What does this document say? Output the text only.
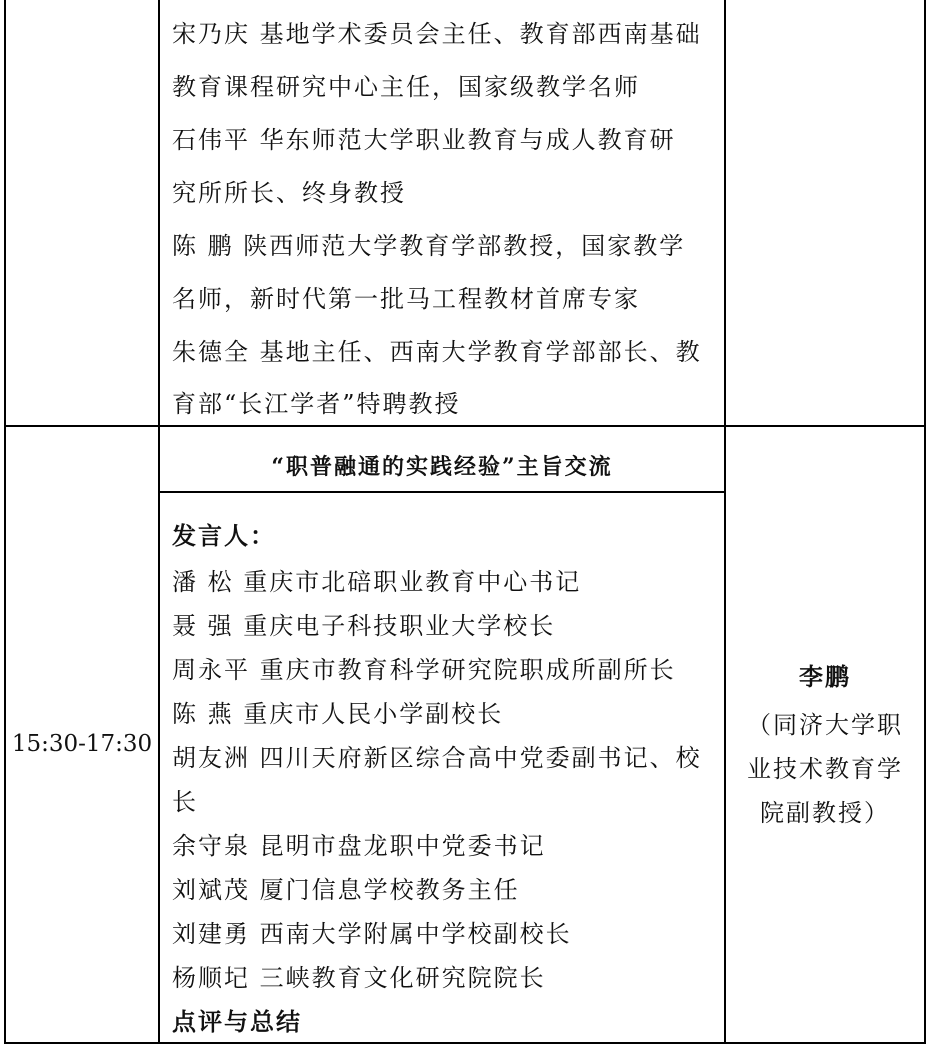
宋乃庆 基地学术委员会主任、教育部西南基础
教育课程研究中心主任，国家级教学名师
石伟平 华东师范大学职业教育与成人教育研
究所所长、终身教授
陈 鹏 陕西师范大学教育学部教授，国家教学
名师，新时代第一批马工程教材首席专家
朱德全 基地主任、西南大学教育学部部长、教
育部“长江学者”特聘教授
15:30-17:30
“职普融通的实践经验”主旨交流
发言人：
潘 松 重庆市北碚职业教育中心书记
聂 强 重庆电子科技职业大学校长
周永平 重庆市教育科学研究院职成所副所长
陈 燕 重庆市人民小学副校长
胡友洲 四川天府新区综合高中党委副书记、校
长
余守泉 昆明市盘龙职中党委书记
刘斌茂 厦门信息学校教务主任
刘建勇 西南大学附属中学校副校长
杨顺圮 三峡教育文化研究院院长
点评与总结
李鹏
（同济大学职
业技术教育学
院副教授）
